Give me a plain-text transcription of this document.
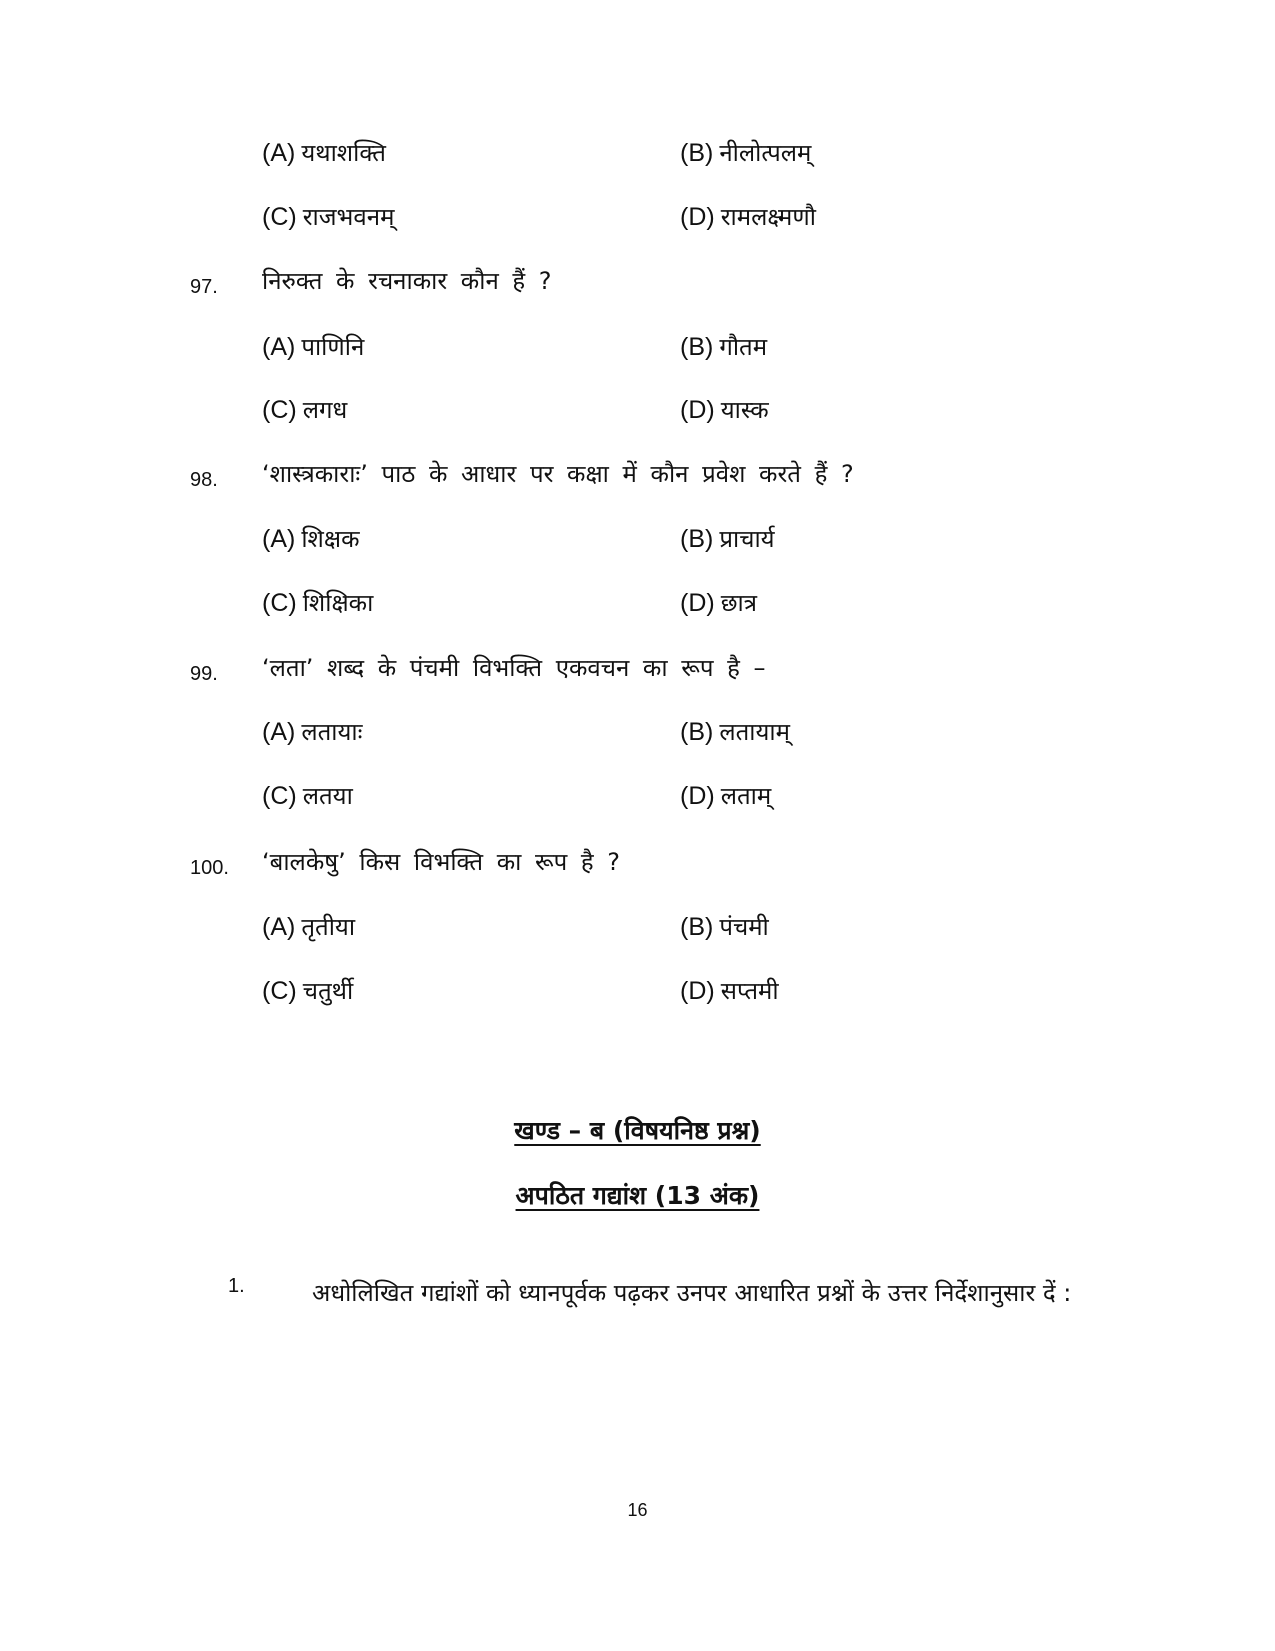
(A) यथाशक्ति	(B) नीलोत्पलम्
(C) राजभवनम्	(D) रामलक्ष्मणौ
97. निरुक्त के रचनाकार कौन हैं ?
(A) पाणिनि	(B) गौतम
(C) लगध	(D) यास्क
98. ‘शास्त्रकाराः’ पाठ के आधार पर कक्षा में कौन प्रवेश करते हैं ?
(A) शिक्षक	(B) प्राचार्य
(C) शिक्षिका	(D) छात्र
99. ‘लता’ शब्द के पंचमी विभक्ति एकवचन का रूप है –
(A) लतायाः	(B) लतायाम्
(C) लतया	(D) लताम्
100. ‘बालकेषु’ किस विभक्ति का रूप है ?
(A) तृतीया	(B) पंचमी
(C) चतुर्थी	(D) सप्तमी
खण्ड – ब (विषयनिष्ठ प्रश्न)
अपठित गद्यांश (13 अंक)
1.	अधोलिखित गद्यांशों को ध्यानपूर्वक पढ़कर उनपर आधारित प्रश्नों के उत्तर निर्देशानुसार दें :
16
